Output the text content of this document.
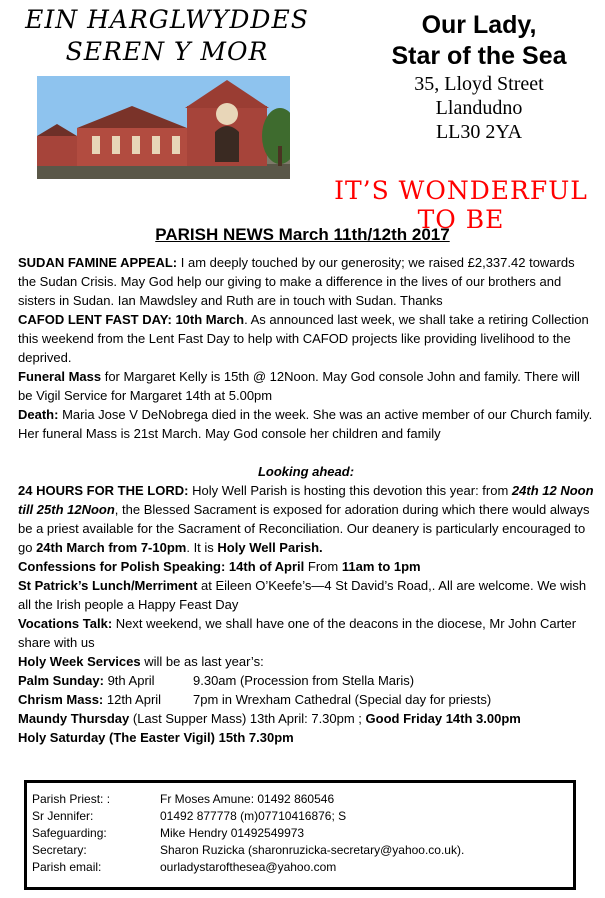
EIN HARGLWYDDES
SEREN Y MOR
Our Lady,
Star of the Sea
35, Lloyd Street
Llandudno
LL30 2YA
IT’S WONDERFUL TO BE
PARISH NEWS March 11th/12th 2017

SUDAN FAMINE APPEAL: I am deeply touched by our generosity; we raised £2,337.42 towards the Sudan Crisis. May God help our giving to make a difference in the lives of our brothers and sisters in Sudan. Ian Mawdsley and Ruth are in touch with Sudan. Thanks

CAFOD LENT FAST DAY: 10th March. As announced last week, we shall take a retiring Collection this weekend from the Lent Fast Day to help with CAFOD projects like providing livelihood to the deprived.

Funeral Mass for Margaret Kelly is 15th @ 12Noon. May God console John and family. There will be Vigil Service for Margaret 14th at 5.00pm

Death: Maria Jose V DeNobrega died in the week. She was an active member of our Church family. Her funeral Mass is 21st March. May God console her children and family

Looking ahead:

24 HOURS FOR THE LORD: Holy Well Parish is hosting this devotion this year: from 24th 12 Noon till 25th 12Noon, the Blessed Sacrament is exposed for adoration during which there would always be a priest available for the Sacrament of Reconciliation. Our deanery is particularly encouraged to go 24th March from 7-10pm. It is Holy Well Parish.

Confessions for Polish Speaking: 14th of April From 11am to 1pm

St Patrick’s Lunch/Merriment at Eileen O’Keefe’s—4 St David’s Road,. All are welcome. We wish all the Irish people a Happy Feast Day

Vocations Talk: Next weekend, we shall have one of the deacons in the diocese, Mr John Carter share with us

Holy Week Services will be as last year’s:

Palm Sunday: 9th April	9.30am (Procession from Stella Maris)

Chrism Mass: 12th April 7pm in Wrexham Cathedral (Special day for priests)

Maundy Thursday (Last Supper Mass) 13th April: 7.30pm ; Good Friday 14th 3.00pm

Holy Saturday (The Easter Vigil) 15th 7.30pm

Parish Priest: :	Fr Moses Amune: 01492 860546
Sr Jennifer:	01492 877778 (m)07710416876; S
Safeguarding:	Mike Hendry 01492549973
Secretary:	Sharon Ruzicka (sharonruzicka-secretary@yahoo.co.uk).
Parish email:	ourladystarofthesea@yahoo.com
